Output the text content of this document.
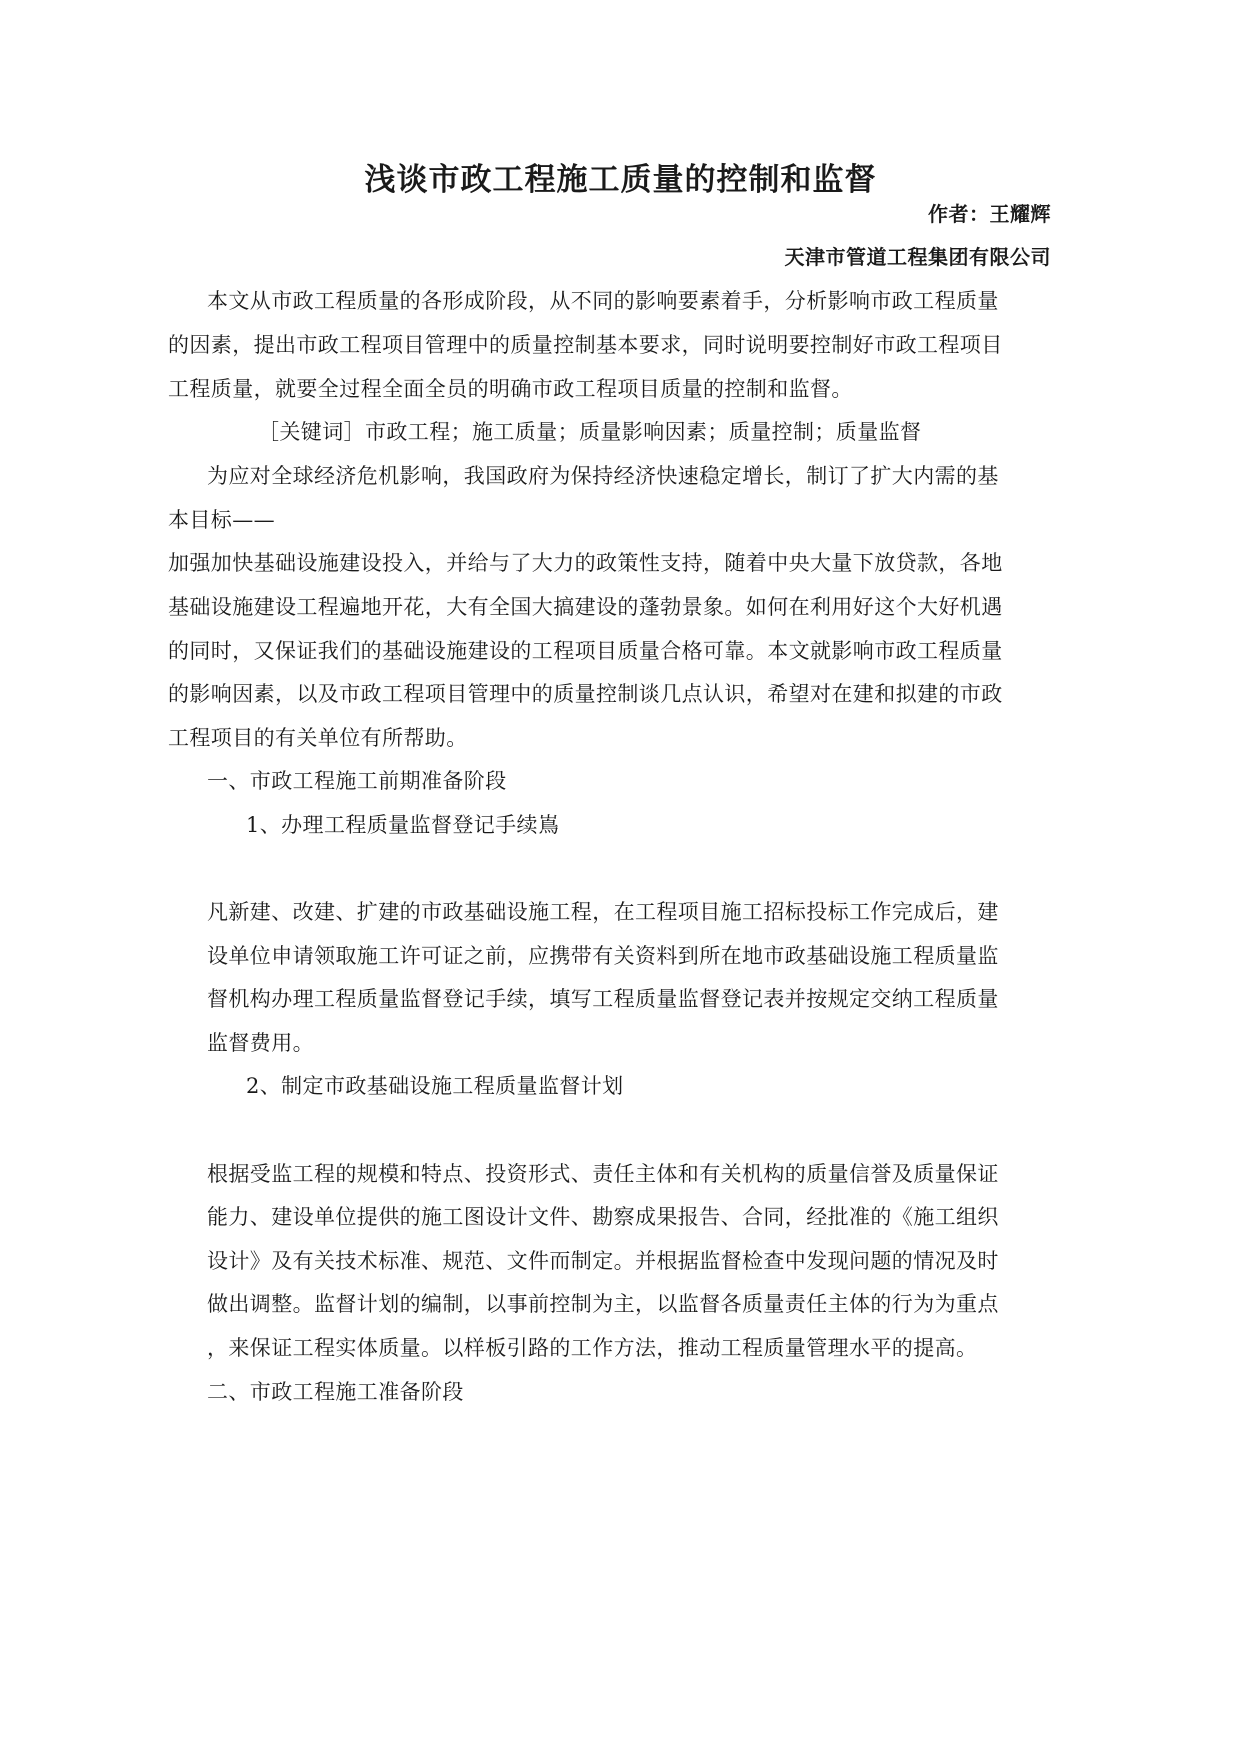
浅谈市政工程施工质量的控制和监督
作者：王耀辉
天津市管道工程集团有限公司
本文从市政工程质量的各形成阶段，从不同的影响要素着手，分析影响市政工程质量
的因素，提出市政工程项目管理中的质量控制基本要求，同时说明要控制好市政工程项目
工程质量，就要全过程全面全员的明确市政工程项目质量的控制和监督。
［关键词］市政工程；施工质量；质量影响因素；质量控制；质量监督
为应对全球经济危机影响，我国政府为保持经济快速稳定增长，制订了扩大内需的基
本目标——
加强加快基础设施建设投入，并给与了大力的政策性支持，随着中央大量下放贷款，各地
基础设施建设工程遍地开花，大有全国大搞建设的蓬勃景象。如何在利用好这个大好机遇
的同时，又保证我们的基础设施建设的工程项目质量合格可靠。本文就影响市政工程质量
的影响因素，以及市政工程项目管理中的质量控制谈几点认识，希望对在建和拟建的市政
工程项目的有关单位有所帮助。
一、市政工程施工前期准备阶段
1、办理工程质量监督登记手续嶌
凡新建、改建、扩建的市政基础设施工程，在工程项目施工招标投标工作完成后，建
设单位申请领取施工许可证之前，应携带有关资料到所在地市政基础设施工程质量监
督机构办理工程质量监督登记手续，填写工程质量监督登记表并按规定交纳工程质量
监督费用。
2、制定市政基础设施工程质量监督计划
根据受监工程的规模和特点、投资形式、责任主体和有关机构的质量信誉及质量保证
能力、建设单位提供的施工图设计文件、勘察成果报告、合同，经批准的《施工组织
设计》及有关技术标准、规范、文件而制定。并根据监督检查中发现问题的情况及时
做出调整。监督计划的编制，以事前控制为主，以监督各质量责任主体的行为为重点
，来保证工程实体质量。以样板引路的工作方法，推动工程质量管理水平的提高。
二、市政工程施工准备阶段
